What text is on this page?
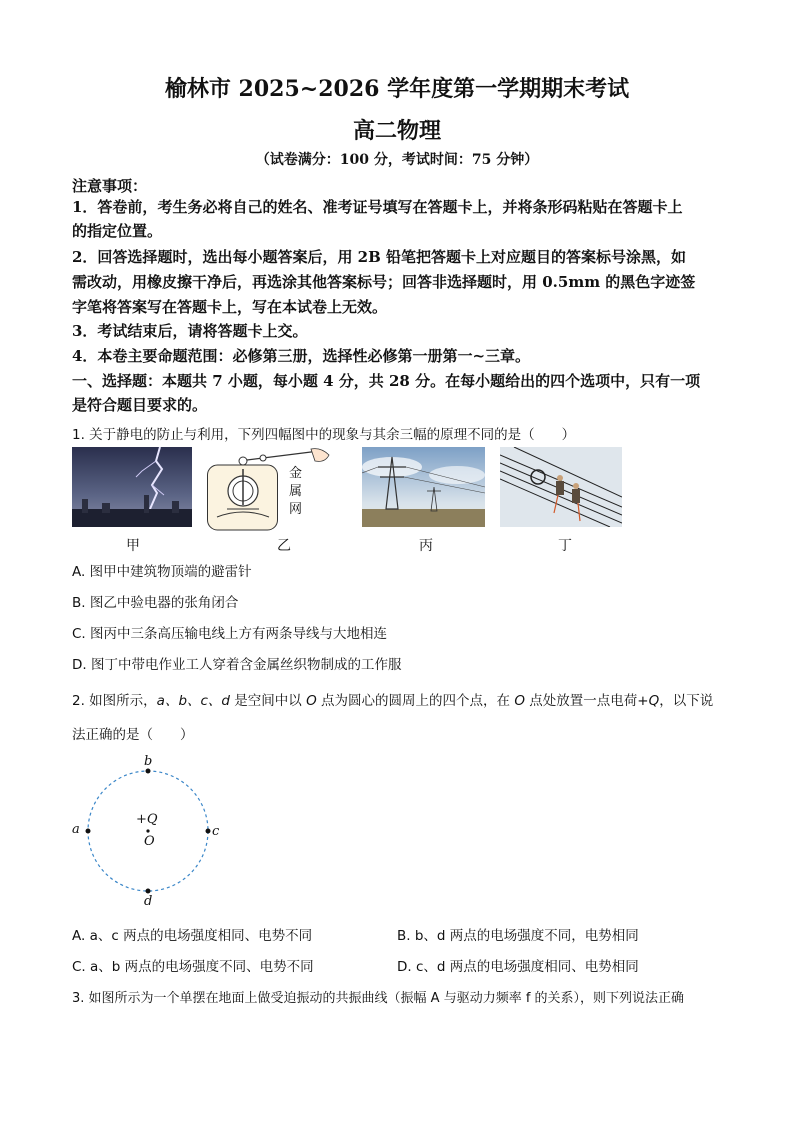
榆林市 2025~2026 学年度第一学期期末考试
高二物理
（试卷满分：100 分，考试时间：75 分钟）
注意事项：
1．答卷前，考生务必将自己的姓名、准考证号填写在答题卡上，并将条形码粘贴在答题卡上
的指定位置。
2．回答选择题时，选出每小题答案后，用 2B 铅笔把答题卡上对应题目的答案标号涂黑，如
需改动，用橡皮擦干净后，再选涂其他答案标号；回答非选择题时，用 0.5mm 的黑色字迹签
字笔将答案写在答题卡上，写在本试卷上无效。
3．考试结束后，请将答题卡上交。
4．本卷主要命题范围：必修第三册，选择性必修第一册第一~三章。
一、选择题：本题共 7 小题，每小题 4 分，共 28 分。在每小题给出的四个选项中，只有一项
是符合题目要求的。
1. 关于静电的防止与利用，下列四幅图中的现象与其余三幅的原理不同的是（　　）
金
属
网
甲	乙	丙	丁
A. 图甲中建筑物顶端的避雷针
B. 图乙中验电器的张角闭合
C. 图丙中三条高压输电线上方有两条导线与大地相连
D. 图丁中带电作业工人穿着含金属丝织物制成的工作服
2. 如图所示，a、b、c、d 是空间中以 O 点为圆心的圆周上的四个点，在 O 点处放置一点电荷+Q，以下说
法正确的是（　　）
b
a	c
d
+Q
O
A. a、c 两点的电场强度相同、电势不同	B. b、d 两点的电场强度不同，电势相同
C. a、b 两点的电场强度不同、电势不同	D. c、d 两点的电场强度相同、电势相同
3. 如图所示为一个单摆在地面上做受迫振动的共振曲线（振幅 A 与驱动力频率 f 的关系），则下列说法正确
